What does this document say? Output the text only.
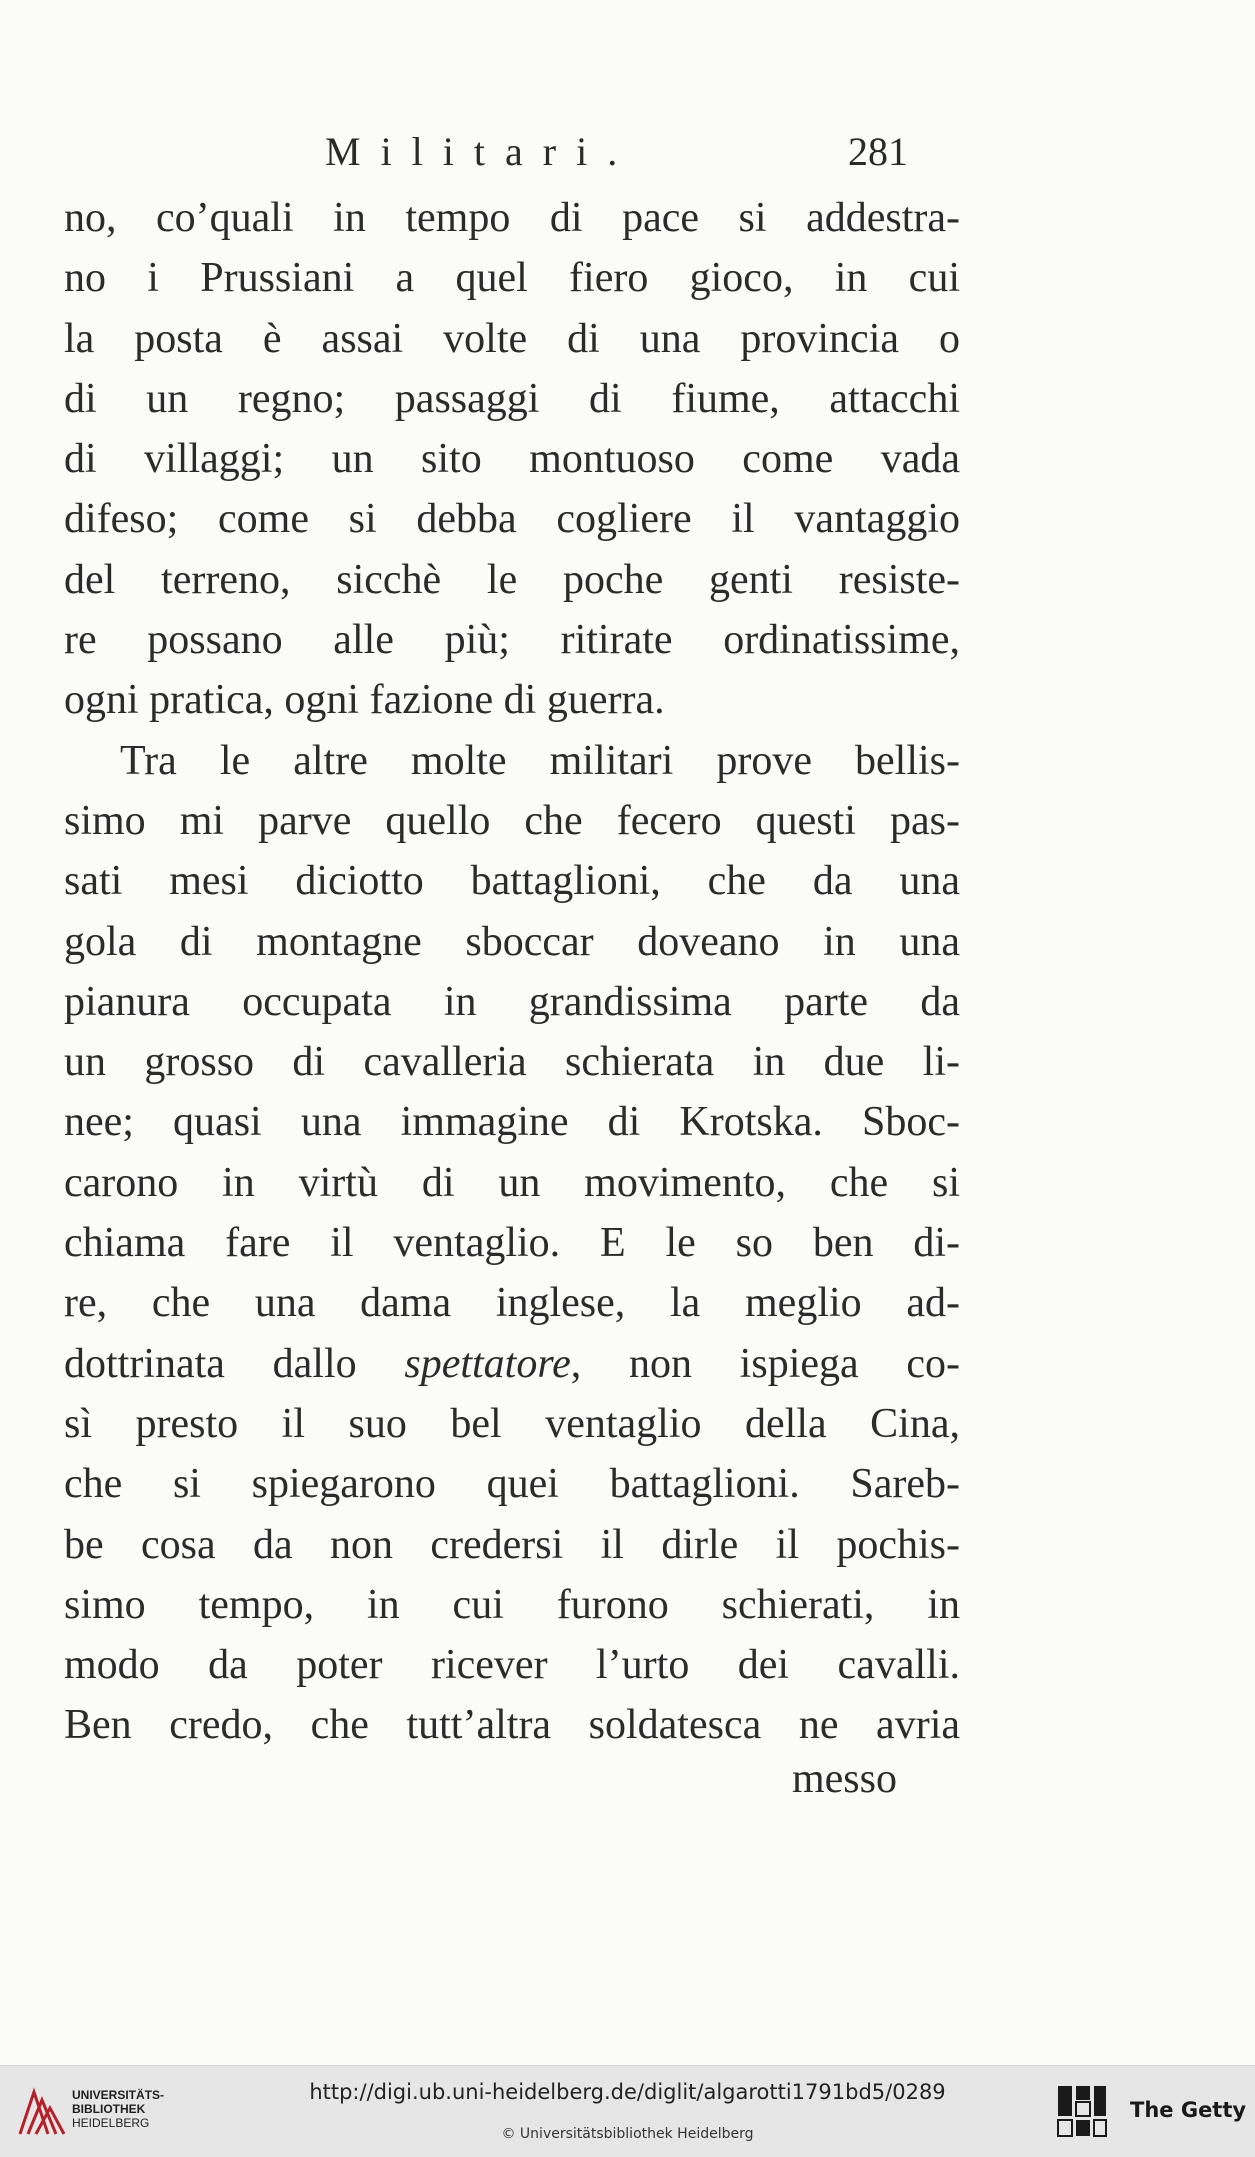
Militari.	281
no, co’quali in tempo di pace si addestra-
no i Prussiani a quel fiero gioco, in cui
la posta è assai volte di una provincia o
di un regno; passaggi di fiume, attacchi
di villaggi; un sito montuoso come vada
difeso; come si debba cogliere il vantaggio
del terreno, sicchè le poche genti resiste-
re possano alle più; ritirate ordinatissime,
ogni pratica, ogni fazione di guerra.
Tra le altre molte militari prove bellis-
simo mi parve quello che fecero questi pas-
sati mesi diciotto battaglioni, che da una
gola di montagne sboccar doveano in una
pianura occupata in grandissima parte da
un grosso di cavalleria schierata in due li-
nee; quasi una immagine di Krotska. Sboc-
carono in virtù di un movimento, che si
chiama fare il ventaglio. E le so ben di-
re, che una dama inglese, la meglio ad-
dottrinata dallo spettatore, non ispiega co-
sì presto il suo bel ventaglio della Cina,
che si spiegarono quei battaglioni. Sareb-
be cosa da non credersi il dirle il pochis-
simo tempo, in cui furono schierati, in
modo da poter ricever l’urto dei cavalli.
Ben credo, che tutt’altra soldatesca ne avria
messo
UNIVERSITÄTS-
BIBLIOTHEK
HEIDELBERG
http://digi.ub.uni-heidelberg.de/diglit/algarotti1791bd5/0289
© Universitätsbibliothek Heidelberg
The Getty
